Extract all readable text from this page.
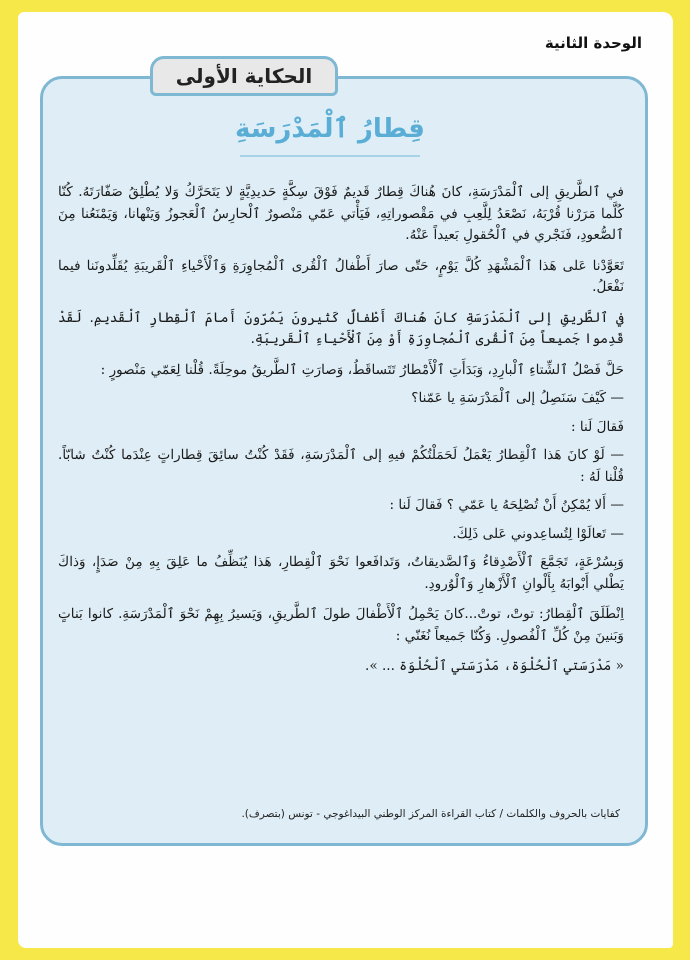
الوحدة الثانية
الحكاية الأولى
قِطارُ ٱلْمَدْرَسَةِ

في ٱلطَّريقِ إلى ٱلْمَدْرَسَةِ، كانَ هُناكَ قِطارٌ قَديمٌ فَوْقَ سِكَّةٍ حَديدِيَّةٍ لا يَتَحَرَّكُ وَلا يُطْلِقُ صَفّارَتَهُ. كُنّا كُلَّما مَرَرْنا قُرْبَهُ، نَصْعَدُ لِلَّعِبِ في مَقْصوراتِهِ، فَيَأْتي عَمّي مَنْصورٌ ٱلْحارِسُ ٱلْعَجوزُ وَيَنْهانا، وَيَمْنَعُنا مِنَ ٱلصُّعودِ، فَنَجْري في ٱلْحُقولِ بَعيداً عَنْهُ.

تَعَوَّدْنا عَلى هَذا ٱلْمَشْهَدِ كُلَّ يَوْمٍ، حَتّى صارَ أَطْفالُ ٱلْقُرى ٱلْمُجاوِرَةِ وَٱلْأَحْياءِ ٱلْقَريبَةِ يُقَلِّدونَنا فيما نَفْعَلُ.

في ٱلطَّريقِ إلى ٱلْمَدْرَسَةِ كانَ هُناكَ أَطْفالٌ كَثيرونَ يَمُرّونَ أَمامَ ٱلْقِطارِ ٱلْقَديمِ. لَقَدْ قَدِموا جَميعاً مِنَ ٱلْقُرى ٱلْمُجاوِرَةِ أَوْ مِنَ ٱلْأَحْياءِ ٱلْقَريبَةِ.

حَلَّ فَصْلُ ٱلشِّتاءِ ٱلْبارِدِ، وَبَدَأَتِ ٱلْأَمْطارُ تَتَساقَطُ، وَصارَتِ ٱلطَّريقُ موحِلَةً. قُلْنا لِعَمّي مَنْصورٍ :

— كَيْفَ سَنَصِلُ إلى ٱلْمَدْرَسَةِ يا عَمّنا؟

فَقالَ لَنا :

— لَوْ كانَ هَذا ٱلْقِطارُ يَعْمَلُ لَحَمَلْتُكُمْ فيهِ إلى ٱلْمَدْرَسَةِ، فَقَدْ كُنْتُ سائِقَ قِطاراتٍ عِنْدَما كُنْتُ شابّاً. قُلْنا لَهُ :

— أَلا يُمْكِنُ أَنْ تُصْلِحَهُ يا عَمّي ؟ فَقالَ لَنا :

— تَعالَوْا لِتُساعِدوني عَلى ذَلِكَ.

وَبِسُرْعَةٍ، تَجَمَّعَ ٱلْأَصْدِقاءُ وَٱلصَّديقاتُ، وَتَدافَعوا نَحْوَ ٱلْقِطارِ، هَذا يُنَظِّفُ ما عَلِقَ بِهِ مِنْ صَدَإٍ، وَذاكَ يَطْلي أَبْوابَهُ بِأَلْوانِ ٱلْأَزْهارِ وَٱلْوُرودِ.

اِنْطَلَقَ ٱلْقِطارُ: توتْ، توتْ...كانَ يَحْمِلُ ٱلْأَطْفالَ طولَ ٱلطَّريقِ، وَيَسيرُ بِهِمْ نَحْوَ ٱلْمَدْرَسَةِ. كانوا بَناتٍ وَبَنينَ مِنْ كُلِّ ٱلْفُصولِ. وَكُنّا جَميعاً نُغَنّي :

« مَدْرَسَتي ٱلْحُلْوَة، مَدْرَسَتي ٱلْحُلْوَة ... ».

كفايات بالحروف والكلمات / كتاب القراءة المركز الوطني البيداغوجي - تونس (بتصرف).
